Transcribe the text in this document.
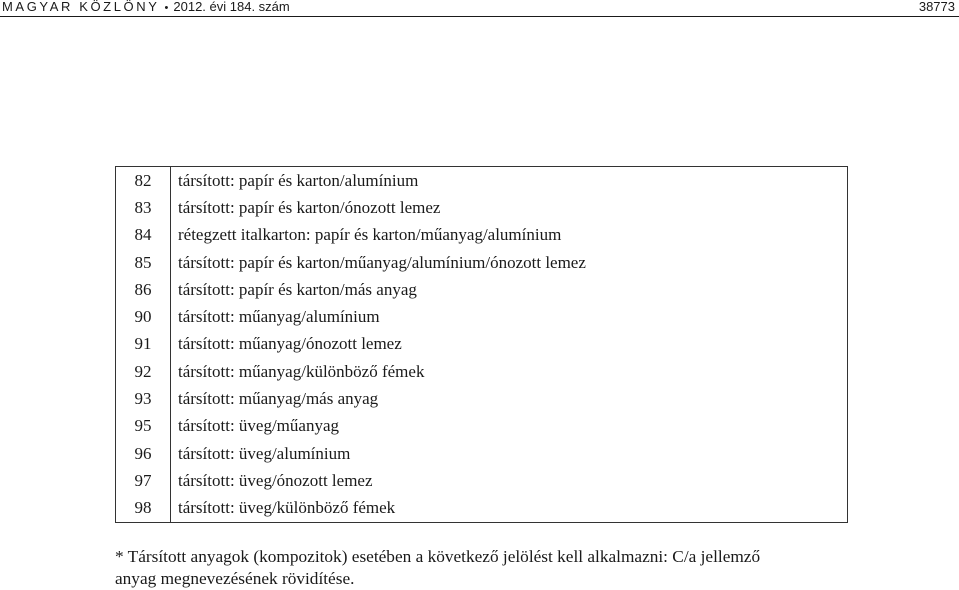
MAGYAR KÖZLÖNY • 2012. évi 184. szám	38773
82	társított: papír és karton/alumínium
83	társított: papír és karton/ónozott lemez
84	rétegzett italkarton: papír és karton/műanyag/alumínium
85	társított: papír és karton/műanyag/alumínium/ónozott lemez
86	társított: papír és karton/más anyag
90	társított: műanyag/alumínium
91	társított: műanyag/ónozott lemez
92	társított: műanyag/különböző fémek
93	társított: műanyag/más anyag
95	társított: üveg/műanyag
96	társított: üveg/alumínium
97	társított: üveg/ónozott lemez
98	társított: üveg/különböző fémek
* Társított anyagok (kompozitok) esetében a következő jelölést kell alkalmazni: C/a jellemző
anyag megnevezésének rövidítése.
